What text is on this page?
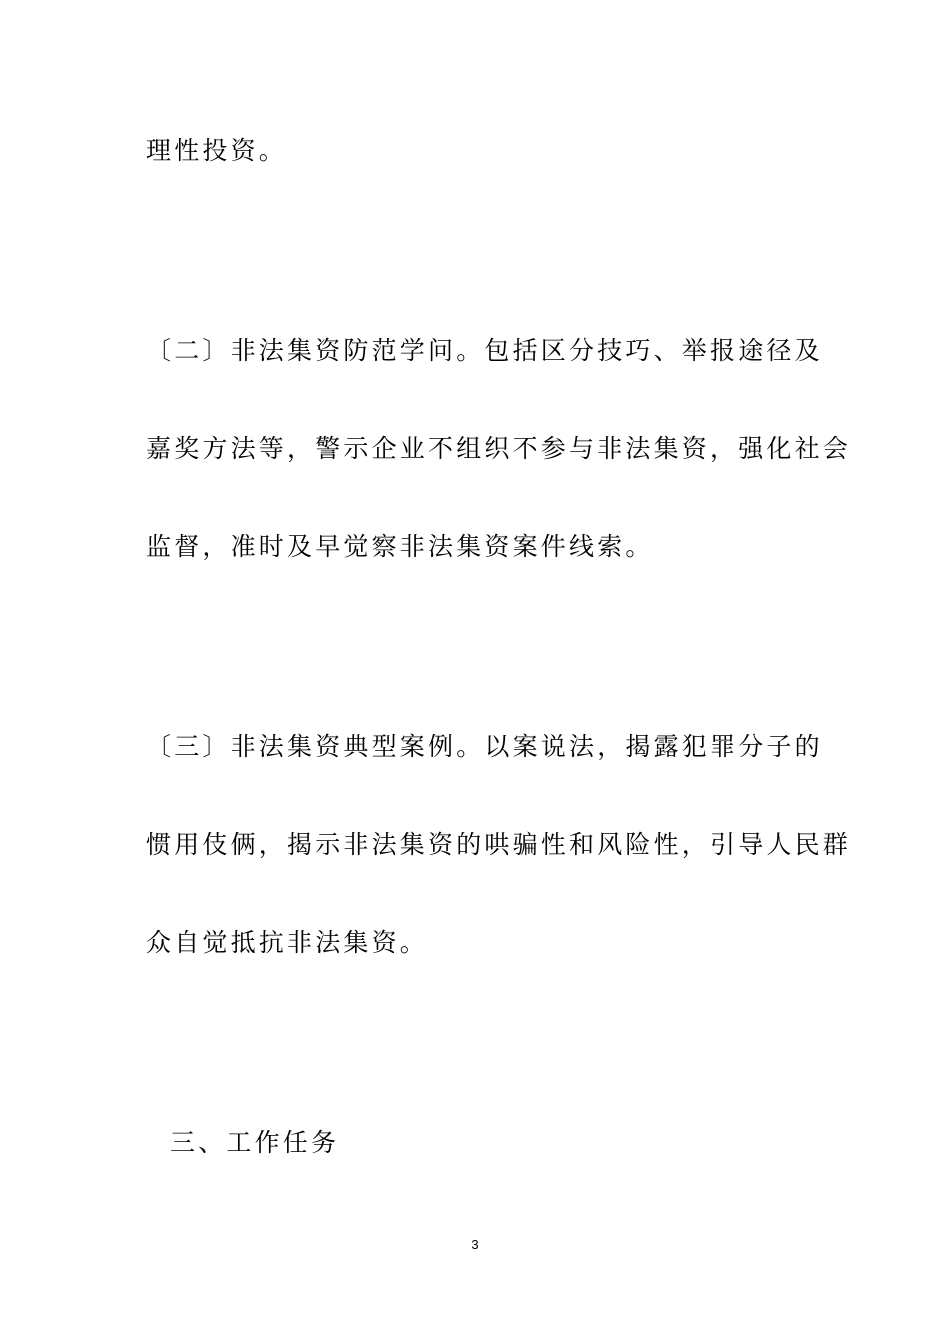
理性投资。
〔二〕非法集资防范学问。包括区分技巧、举报途径及
嘉奖方法等，警示企业不组织不参与非法集资，强化社会
监督，准时及早觉察非法集资案件线索。
〔三〕非法集资典型案例。以案说法，揭露犯罪分子的
惯用伎俩，揭示非法集资的哄骗性和风险性，引导人民群
众自觉抵抗非法集资。
三、工作任务
3
